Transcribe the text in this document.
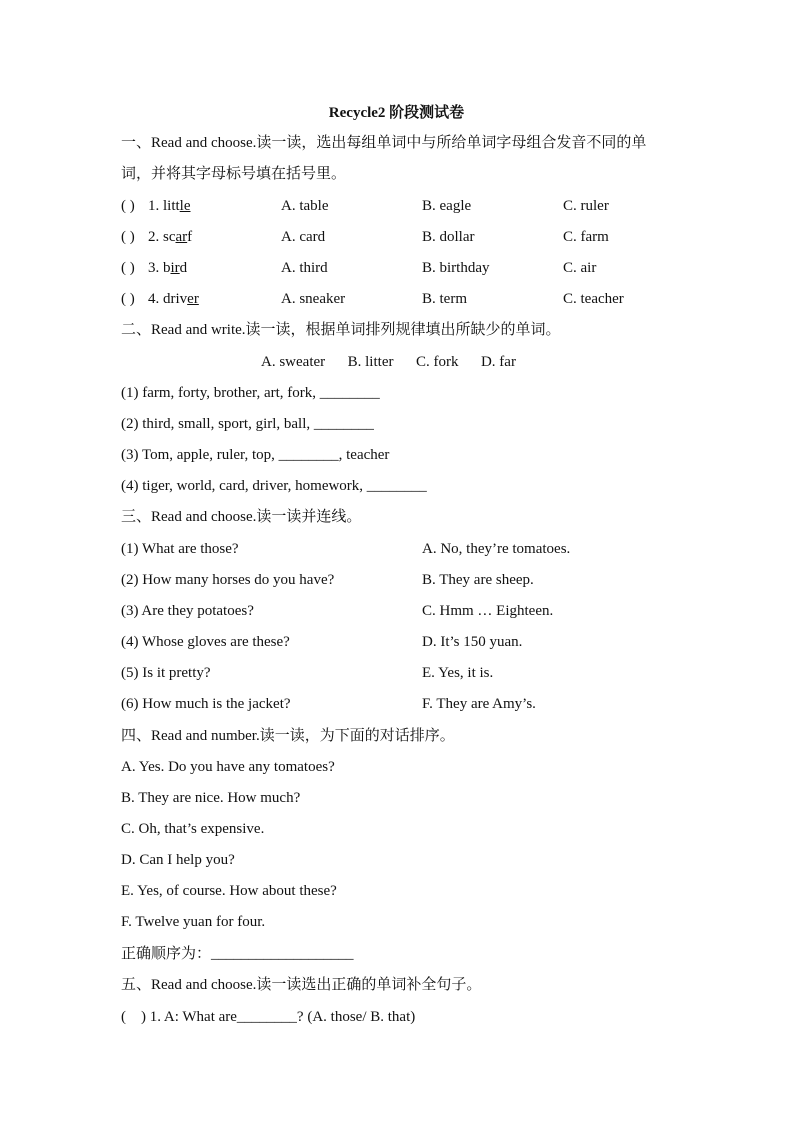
Recycle2 阶段测试卷
一、Read and choose.读一读，选出每组单词中与所给单词字母组合发音不同的单
词，并将其字母标号填在括号里。
( ) 1. little	A. table	B. eagle	C. ruler
( ) 2. scarf	A. card	B. dollar	C. farm
( ) 3. bird	A. third	B. birthday	C. air
( ) 4. driver	A. sneaker	B. term	C. teacher
二、Read and write.读一读，根据单词排列规律填出所缺少的单词。
A. sweater      B. litter      C. fork      D. far
(1) farm, forty, brother, art, fork, ________
(2) third, small, sport, girl, ball, ________
(3) Tom, apple, ruler, top, ________, teacher
(4) tiger, world, card, driver, homework, ________
三、Read and choose.读一读并连线。
(1) What are those?	A. No, they’re tomatoes.
(2) How many horses do you have?	B. They are sheep.
(3) Are they potatoes?	C. Hmm … Eighteen.
(4) Whose gloves are these?	D. It’s 150 yuan.
(5) Is it pretty?	E. Yes, it is.
(6) How much is the jacket?	F. They are Amy’s.
四、Read and number.读一读，为下面的对话排序。
A. Yes. Do you have any tomatoes?
B. They are nice. How much?
C. Oh, that’s expensive.
D. Can I help you?
E. Yes, of course. How about these?
F. Twelve yuan for four.
正确顺序为：___________________
五、Read and choose.读一读选出正确的单词补全句子。
(    ) 1. A: What are________? (A. those/ B. that)
